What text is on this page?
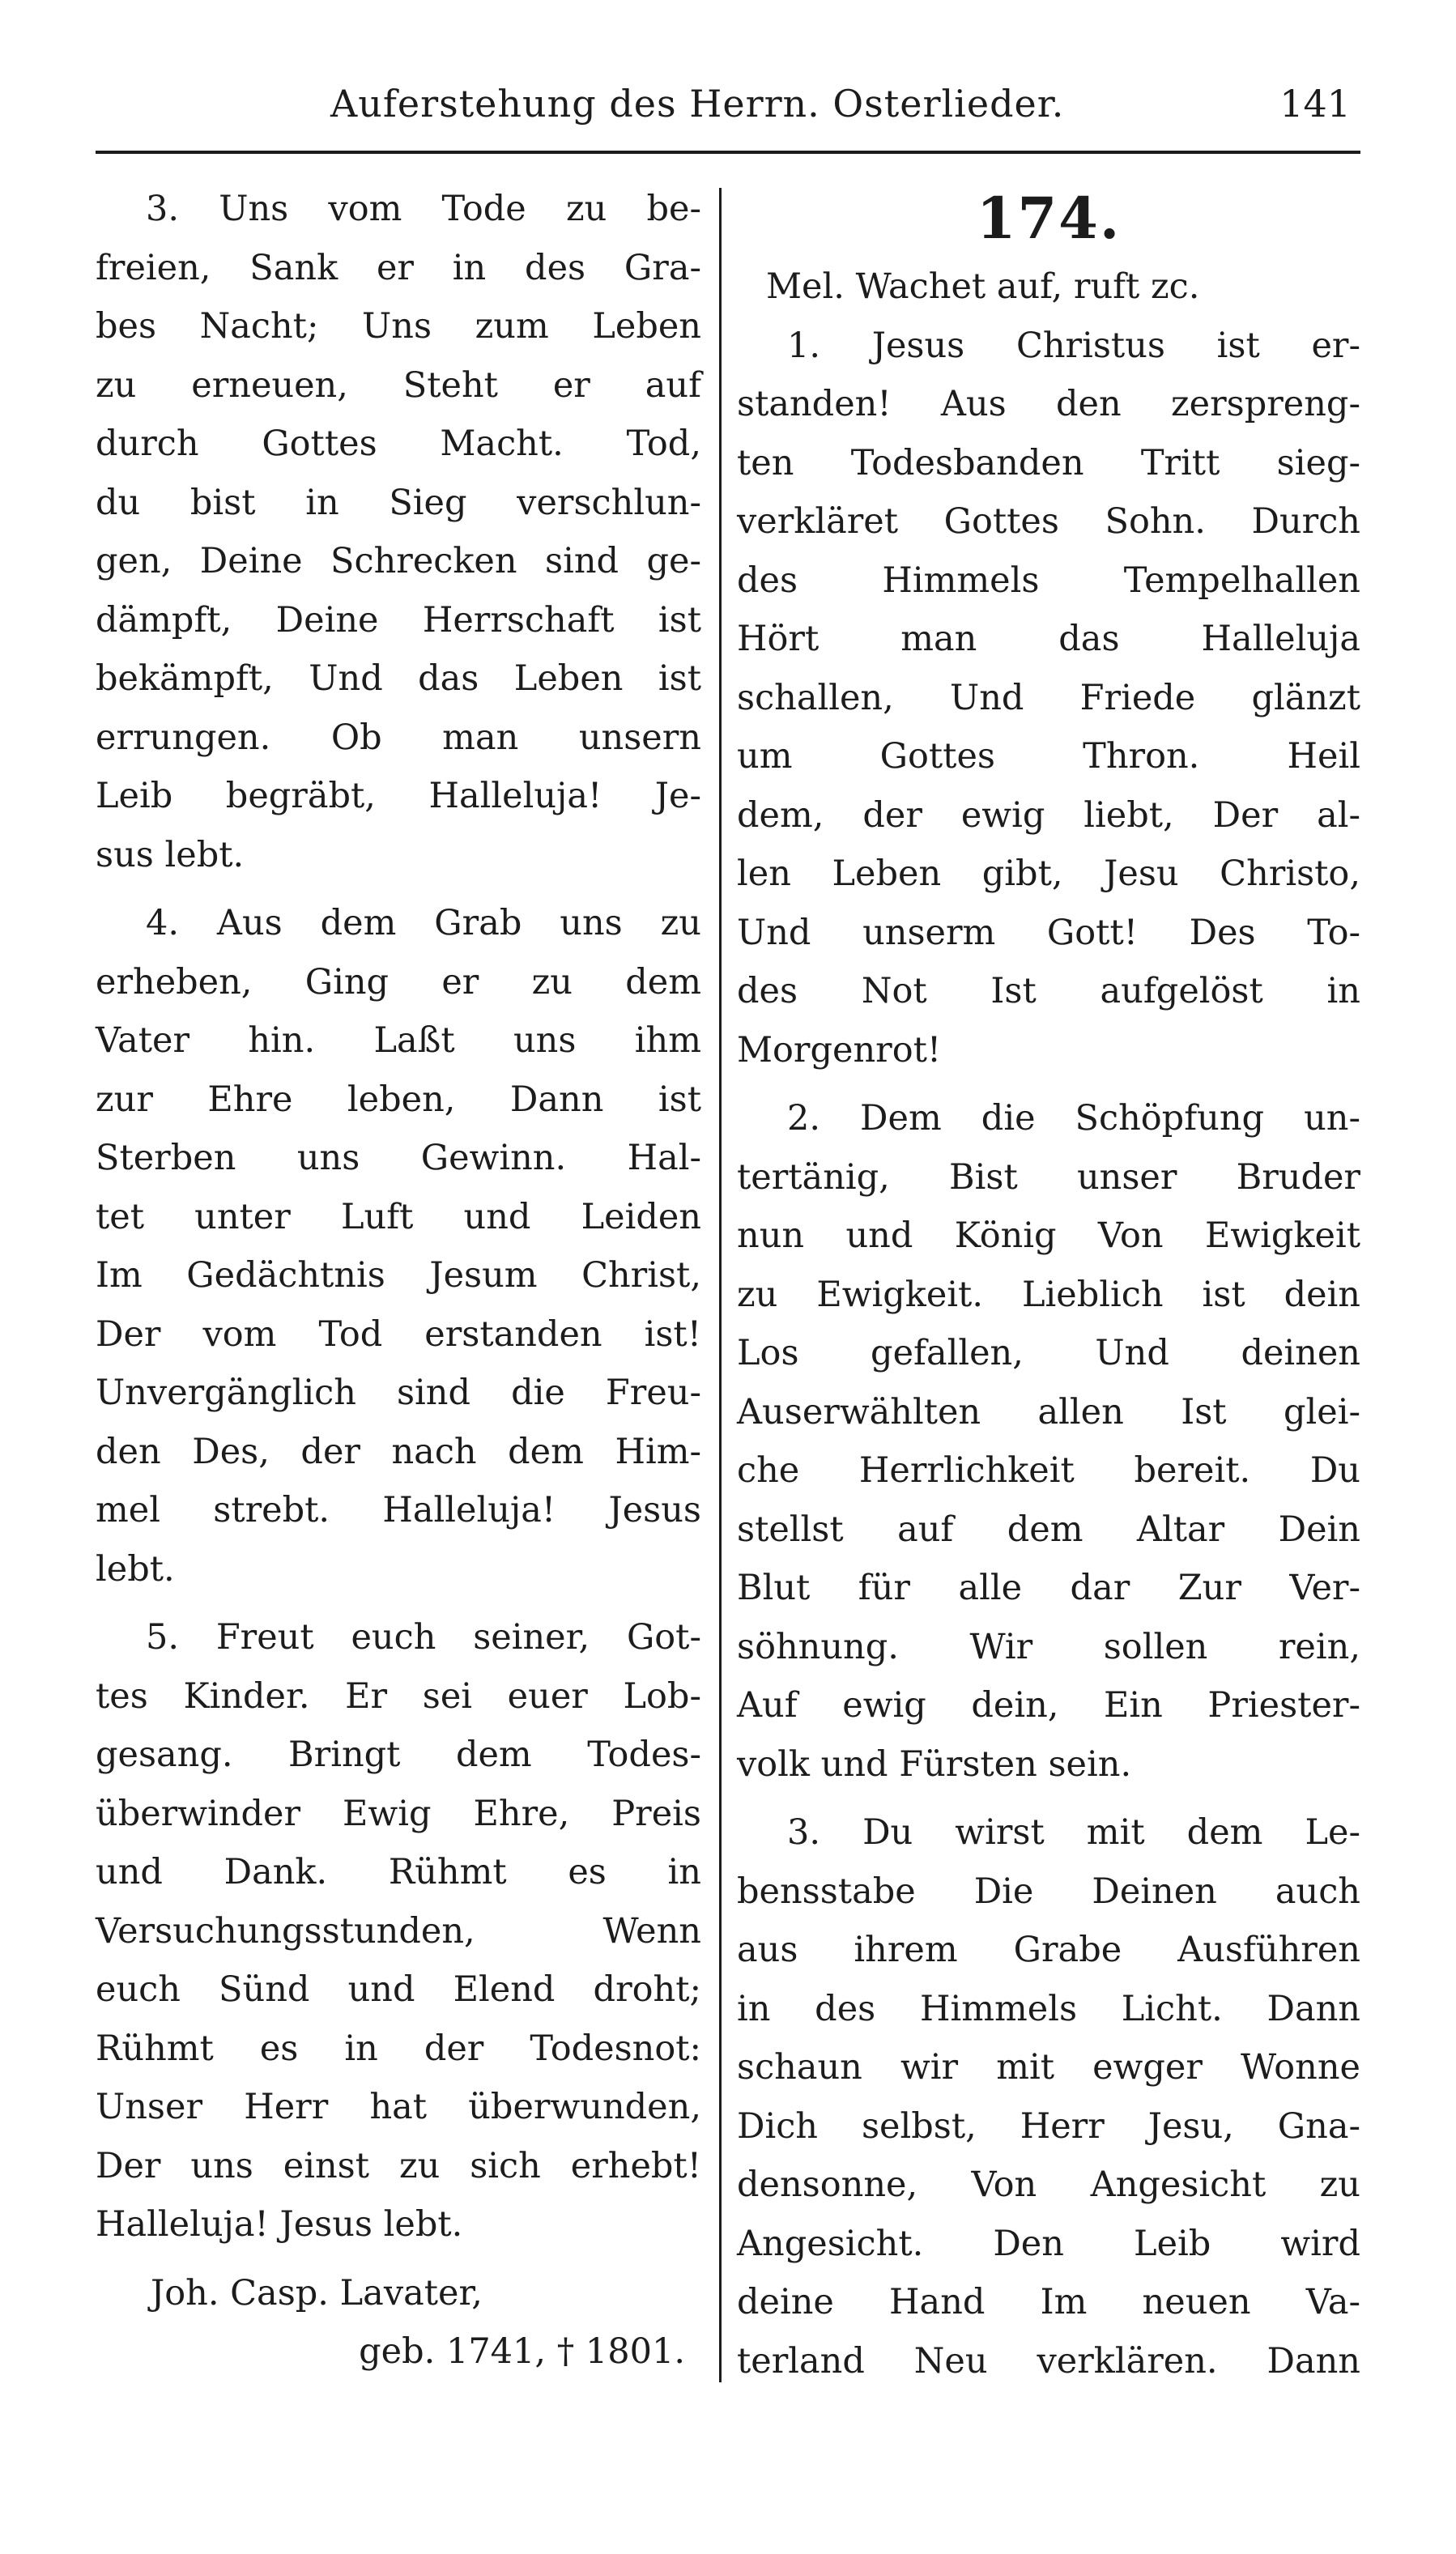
Auferstehung des Herrn. Osterlieder.	141
3. Uns vom Tode zu be-
freien, Sank er in des Gra-
bes Nacht; Uns zum Leben
zu erneuen, Steht er auf
durch Gottes Macht. Tod,
du bist in Sieg verschlun-
gen, Deine Schrecken sind ge-
dämpft, Deine Herrschaft ist
bekämpft, Und das Leben ist
errungen. Ob man unsern
Leib begräbt, Halleluja! Je-
sus lebt.
4. Aus dem Grab uns zu
erheben, Ging er zu dem
Vater hin. Laßt uns ihm
zur Ehre leben, Dann ist
Sterben uns Gewinn. Hal-
tet unter Luft und Leiden
Im Gedächtnis Jesum Christ,
Der vom Tod erstanden ist!
Unvergänglich sind die Freu-
den Des, der nach dem Him-
mel strebt. Halleluja! Jesus
lebt.
5. Freut euch seiner, Got-
tes Kinder. Er sei euer Lob-
gesang. Bringt dem Todes-
überwinder Ewig Ehre, Preis
und Dank. Rühmt es in
Versuchungsstunden, Wenn
euch Sünd und Elend droht;
Rühmt es in der Todesnot:
Unser Herr hat überwunden,
Der uns einst zu sich erhebt!
Halleluja! Jesus lebt.
Joh. Casp. Lavater,
geb. 1741, † 1801.
174.
Mel. Wachet auf, ruft zc.
1. Jesus Christus ist er-
standen! Aus den zerspreng-
ten Todesbanden Tritt sieg-
verkläret Gottes Sohn. Durch
des Himmels Tempelhallen
Hört man das Halleluja
schallen, Und Friede glänzt
um Gottes Thron. Heil
dem, der ewig liebt, Der al-
len Leben gibt, Jesu Christo,
Und unserm Gott! Des To-
des Not Ist aufgelöst in
Morgenrot!
2. Dem die Schöpfung un-
tertänig, Bist unser Bruder
nun und König Von Ewigkeit
zu Ewigkeit. Lieblich ist dein
Los gefallen, Und deinen
Auserwählten allen Ist glei-
che Herrlichkeit bereit. Du
stellst auf dem Altar Dein
Blut für alle dar Zur Ver-
söhnung. Wir sollen rein,
Auf ewig dein, Ein Priester-
volk und Fürsten sein.
3. Du wirst mit dem Le-
bensstabe Die Deinen auch
aus ihrem Grabe Ausführen
in des Himmels Licht. Dann
schaun wir mit ewger Wonne
Dich selbst, Herr Jesu, Gna-
densonne, Von Angesicht zu
Angesicht. Den Leib wird
deine Hand Im neuen Va-
terland Neu verklären. Dann
